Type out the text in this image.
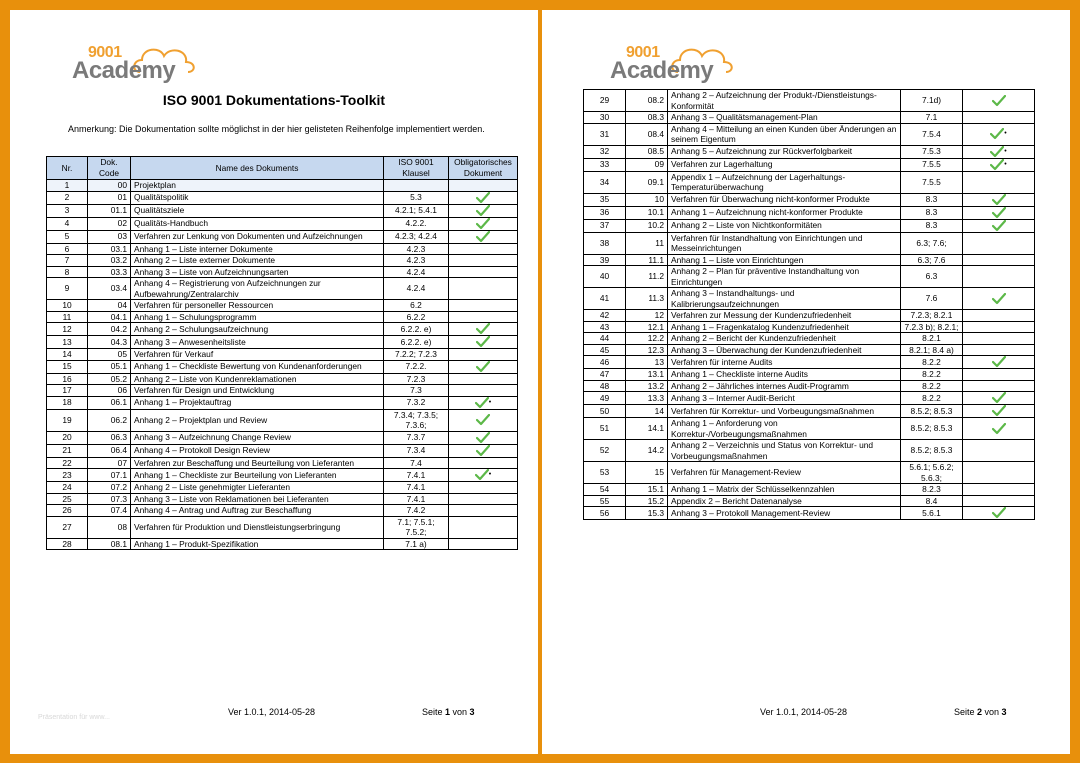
9001
Academy
ISO 9001 Dokumentations-Toolkit
Anmerkung: Die Dokumentation sollte möglichst in der hier gelisteten Reihenfolge implementiert werden.
Nr.	Dok. Code	Name des Dokuments	ISO 9001 Klausel	Obligatorisches Dokument
1	00	Projektplan		
2	01	Qualitätspolitik	5.3	
3	01.1	Qualitätsziele	4.2.1; 5.4.1	
4	02	Qualitäts-Handbuch	4.2.2.	
5	03	Verfahren zur Lenkung von Dokumenten und Aufzeichnungen	4.2.3; 4.2.4	
6	03.1	Anhang 1 – Liste interner Dokumente	4.2.3	
7	03.2	Anhang 2 – Liste externer Dokumente	4.2.3	
8	03.3	Anhang 3 – Liste von Aufzeichnungsarten	4.2.4	
9	03.4	Anhang 4 – Registrierung von Aufzeichnungen zur Aufbewahrung/Zentralarchiv	4.2.4	
10	04	Verfahren für personeller Ressourcen	6.2	
11	04.1	Anhang 1 – Schulungsprogramm	6.2.2	
12	04.2	Anhang 2 – Schulungsaufzeichnung	6.2.2. e)	
13	04.3	Anhang 3 – Anwesenheitsliste	6.2.2. e)	
14	05	Verfahren für Verkauf	7.2.2; 7.2.3	
15	05.1	Anhang 1 – Checkliste Bewertung von Kundenanforderungen	7.2.2.	
16	05.2	Anhang 2 – Liste von Kundenreklamationen	7.2.3	
17	06	Verfahren für Design und Entwicklung	7.3	
18	06.1	Anhang 1 – Projektauftrag	7.3.2	•
19	06.2	Anhang 2 – Projektplan und Review	7.3.4; 7.3.5; 7.3.6;	
20	06.3	Anhang 3 – Aufzeichnung Change Review	7.3.7	
21	06.4	Anhang 4 – Protokoll Design Review	7.3.4	
22	07	Verfahren zur Beschaffung und Beurteilung von Lieferanten	7.4	
23	07.1	Anhang 1 – Checkliste zur Beurteilung von Lieferanten	7.4.1	•
24	07.2	Anhang 2 – Liste genehmigter Lieferanten	7.4.1	
25	07.3	Anhang 3 – Liste von Reklamationen bei Lieferanten	7.4.1	
26	07.4	Anhang 4 – Antrag und Auftrag zur Beschaffung	7.4.2	
27	08	Verfahren für Produktion und Dienstleistungserbringung	7.1; 7.5.1; 7.5.2;	
28	08.1	Anhang 1 – Produkt-Spezifikation	7.1 a)	
Ver 1.0.1, 2014-05-28	Seite 1 von 3
Präsentation für www...
9001
Academy
29	08.2	Anhang 2 – Aufzeichnung der Produkt-/Dienstleistungs-Konformität	7.1d)	
30	08.3	Anhang 3 – Qualitätsmanagement-Plan	7.1	
31	08.4	Anhang 4 – Mitteilung an einen Kunden über Änderungen an seinem Eigentum	7.5.4	•
32	08.5	Anhang 5 – Aufzeichnung zur Rückverfolgbarkeit	7.5.3	•
33	09	Verfahren zur Lagerhaltung	7.5.5	•
34	09.1	Appendix 1 – Aufzeichnung der Lagerhaltungs-Temperaturüberwachung	7.5.5	
35	10	Verfahren für Überwachung nicht-konformer Produkte	8.3	
36	10.1	Anhang 1 – Aufzeichnung nicht-konformer Produkte	8.3	
37	10.2	Anhang 2 – Liste von Nichtkonformitäten	8.3	
38	11	Verfahren für Instandhaltung von Einrichtungen und Messeinrichtungen	6.3; 7.6;	
39	11.1	Anhang 1 – Liste von Einrichtungen	6.3; 7.6	
40	11.2	Anhang 2 – Plan für präventive Instandhaltung von Einrichtungen	6.3	
41	11.3	Anhang 3 – Instandhaltungs- und Kalibrierungsaufzeichnungen	7.6	
42	12	Verfahren zur Messung der Kundenzufriedenheit	7.2.3; 8.2.1	
43	12.1	Anhang 1 – Fragenkatalog Kundenzufriedenheit	7.2.3 b); 8.2.1;	
44	12.2	Anhang 2 – Bericht der Kundenzufriedenheit	8.2.1	
45	12.3	Anhang 3 – Überwachung der Kundenzufriedenheit	8.2.1; 8.4 a)	
46	13	Verfahren für interne Audits	8.2.2	
47	13.1	Anhang 1 – Checkliste interne Audits	8.2.2	
48	13.2	Anhang 2 – Jährliches internes Audit-Programm	8.2.2	
49	13.3	Anhang 3 – Interner Audit-Bericht	8.2.2	
50	14	Verfahren für Korrektur- und Vorbeugungsmaßnahmen	8.5.2; 8.5.3	
51	14.1	Anhang 1 – Anforderung von Korrektur-/Vorbeugungsmaßnahmen	8.5.2; 8.5.3	
52	14.2	Anhang 2 – Verzeichnis und Status von Korrektur- und Vorbeugungsmaßnahmen	8.5.2; 8.5.3	
53	15	Verfahren für Management-Review	5.6.1; 5.6.2; 5.6.3;	
54	15.1	Anhang 1 – Matrix der Schlüsselkennzahlen	8.2.3	
55	15.2	Appendix 2 – Bericht Datenanalyse	8.4	
56	15.3	Anhang 3 – Protokoll Management-Review	5.6.1	
Ver 1.0.1, 2014-05-28	Seite 2 von 3
